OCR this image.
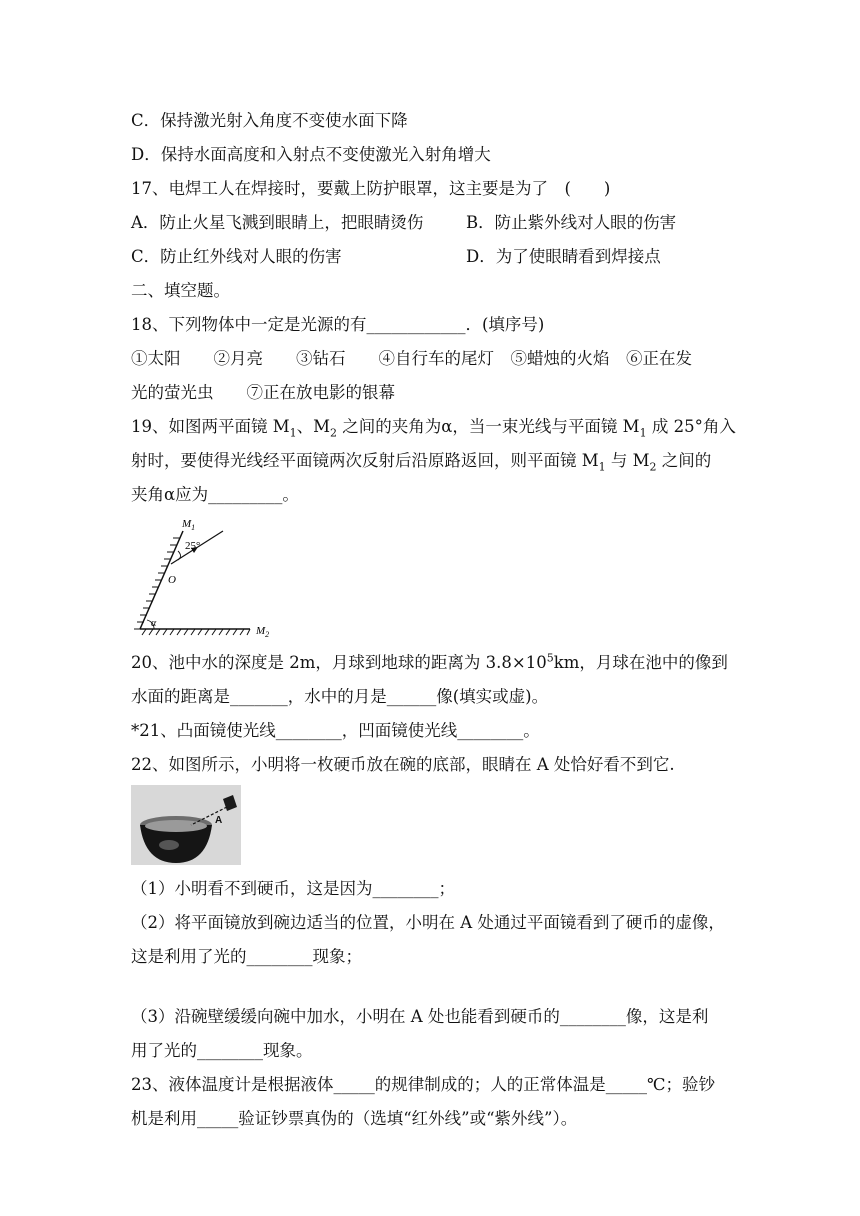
C．保持激光射入角度不变使水面下降
D．保持水面高度和入射点不变使激光入射角增大
17、电焊工人在焊接时，要戴上防护眼罩，这主要是为了　(　　)
A．防止火星飞溅到眼睛上，把眼睛烫伤	B．防止紫外线对人眼的伤害
C．防止红外线对人眼的伤害	D．为了使眼睛看到焊接点
二、填空题。
18、下列物体中一定是光源的有____________．(填序号)
①太阳　　②月亮　　③钻石　　④自行车的尾灯　⑤蜡烛的火焰　⑥正在发
光的萤光虫　　⑦正在放电影的银幕
19、如图两平面镜 $M_1$、$M_2$ 之间的夹角为α，当一束光线与平面镜 $M_1$ 成 25°角入
射时，要使得光线经平面镜两次反射后沿原路返回，则平面镜 $M_1$ 与 $M_2$ 之间的
夹角α应为_________。
$M_1$
25°
O
α
$M_2$
20、池中水的深度是 2m，月球到地球的距离为 $3.8\times 10^5km$，月球在池中的像到
水面的距离是_______，水中的月是______像(填实或虚)。
*21、凸面镜使光线________，凹面镜使光线________。
22、如图所示，小明将一枚硬币放在碗的底部，眼睛在 A 处恰好看不到它.
A
（1）小明看不到硬币，这是因为________；
（2）将平面镜放到碗边适当的位置，小明在 A 处通过平面镜看到了硬币的虚像，
这是利用了光的________现象；
（3）沿碗壁缓缓向碗中加水，小明在 A 处也能看到硬币的________像，这是利
用了光的________现象。
23、液体温度计是根据液体_____的规律制成的；人的正常体温是_____℃；验钞
机是利用_____验证钞票真伪的（选填“红外线”或“紫外线”）。
